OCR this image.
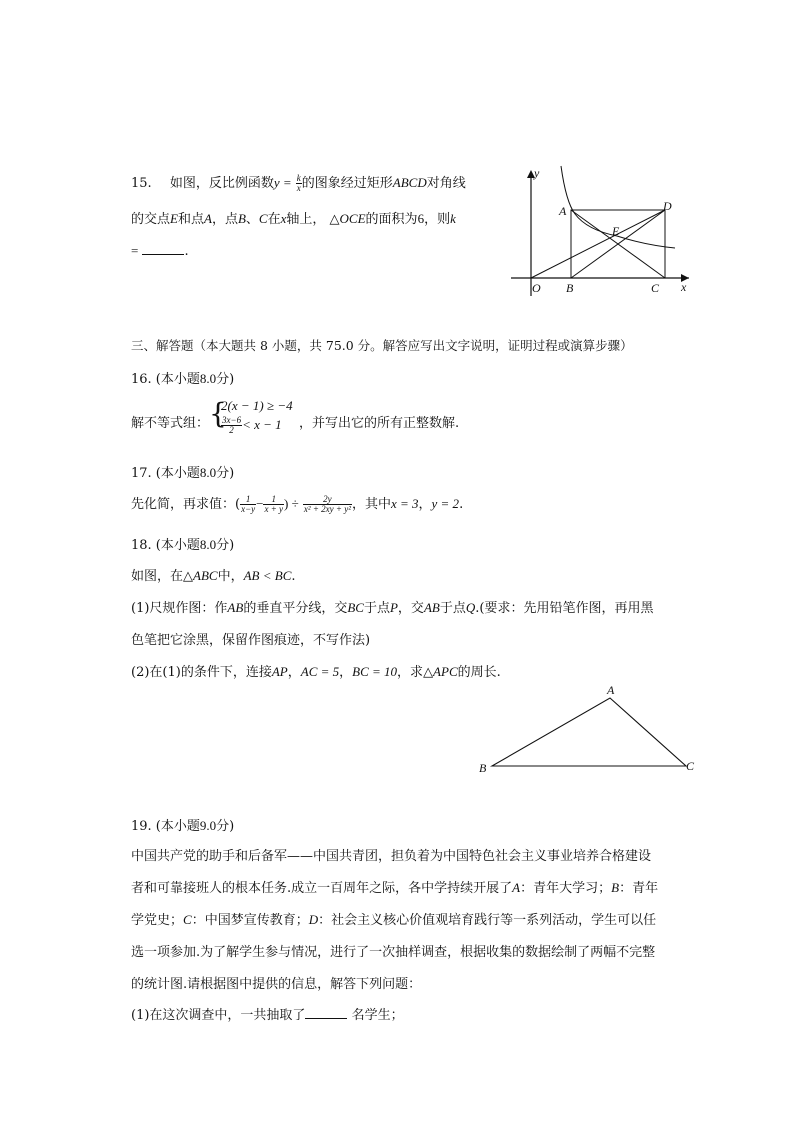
15. 如图，反比例函数$y = \frac{k}{x}$ 的图象经过矩形ABCD对角线
的交点E和点A，点B、C在x轴上， △OCE的面积为6，则k
=	.
y
x
O B	C
A	D
E
三、解答题（本大题共 8 小题，共 75.0 分。解答应写出文字说明，证明过程或演算步骤）
16. (本小题8.0分)
解不等式组： {
2(x − 1) ≥ −4
$\frac{3x-6}{2} < x - 1$ ，并写出它的所有正整数解.
17. (本小题8.0分)
先化简，再求值：( $\frac{1}{x-y} - \frac{1}{x + y}$ ) ÷ $\frac{2y}{\text{x² + 2xy + y²}}$ ，其中x = 3，y = 2.
18. (本小题8.0分)
如图，在△ABC中，AB < BC.
(1)尺规作图：作AB的垂直平分线，交BC于点P，交AB于点Q.(要求：先用铅笔作图，再用黑
色笔把它涂黑，保留作图痕迹，不写作法)
(2)在(1)的条件下，连接AP，AC = 5，BC = 10，求△APC的周长.
A
B	C
19. (本小题9.0分)
中国共产党的助手和后备军——中国共青团，担负着为中国特色社会主义事业培养合格建设
者和可靠接班人的根本任务.成立一百周年之际，各中学持续开展了A：青年大学习；B：青年
学党史；C：中国梦宣传教育；D：社会主义核心价值观培育践行等一系列活动，学生可以任
选一项参加.为了解学生参与情况，进行了一次抽样调查，根据收集的数据绘制了两幅不完整
的统计图.请根据图中提供的信息，解答下列问题：
(1)在这次调查中，一共抽取了	名学生；
